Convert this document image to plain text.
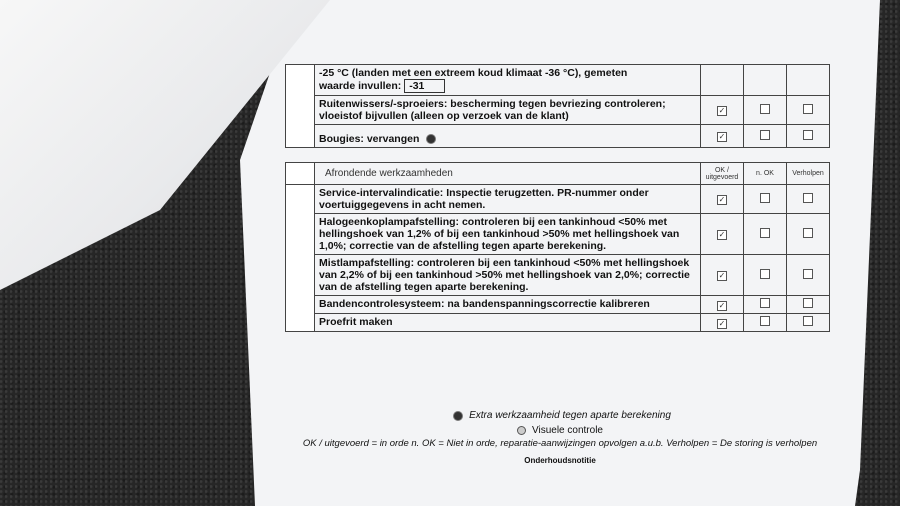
	-25 °C (landen met een extreem koud klimaat -36 °C), gemeten
waarde invullen: -31			
	Ruitenwissers/-sproeiers: bescherming tegen bevriezing controleren;
vloeistof bijvullen (alleen op verzoek van de klant)	✓		
	Bougies: vervangen	✓		
	Afrondende werkzaamheden	OK / uitgevoerd	n. OK	Verholpen
	Service-intervalindicatie: Inspectie terugzetten. PR-nummer onder voertuiggegevens in acht nemen.	✓		
	Halogeenkoplampafstelling: controleren bij een tankinhoud <50% met hellingshoek van 1,2% of bij een tankinhoud >50% met hellingshoek van 1,0%; correctie van de afstelling tegen aparte berekening.	✓		
	Mistlampafstelling: controleren bij een tankinhoud <50% met hellingshoek van 2,2% of bij een tankinhoud >50% met hellingshoek van 2,0%; correctie van de afstelling tegen aparte berekening.	✓		
	Bandencontrolesysteem: na bandenspanningscorrectie kalibreren	✓		
	Proefrit maken	✓		
Extra werkzaamheid tegen aparte berekening
Visuele controle
OK / uitgevoerd = in orde n. OK = Niet in orde, reparatie-aanwijzingen opvolgen a.u.b. Verholpen = De storing is verholpen
Onderhoudsnotitie
